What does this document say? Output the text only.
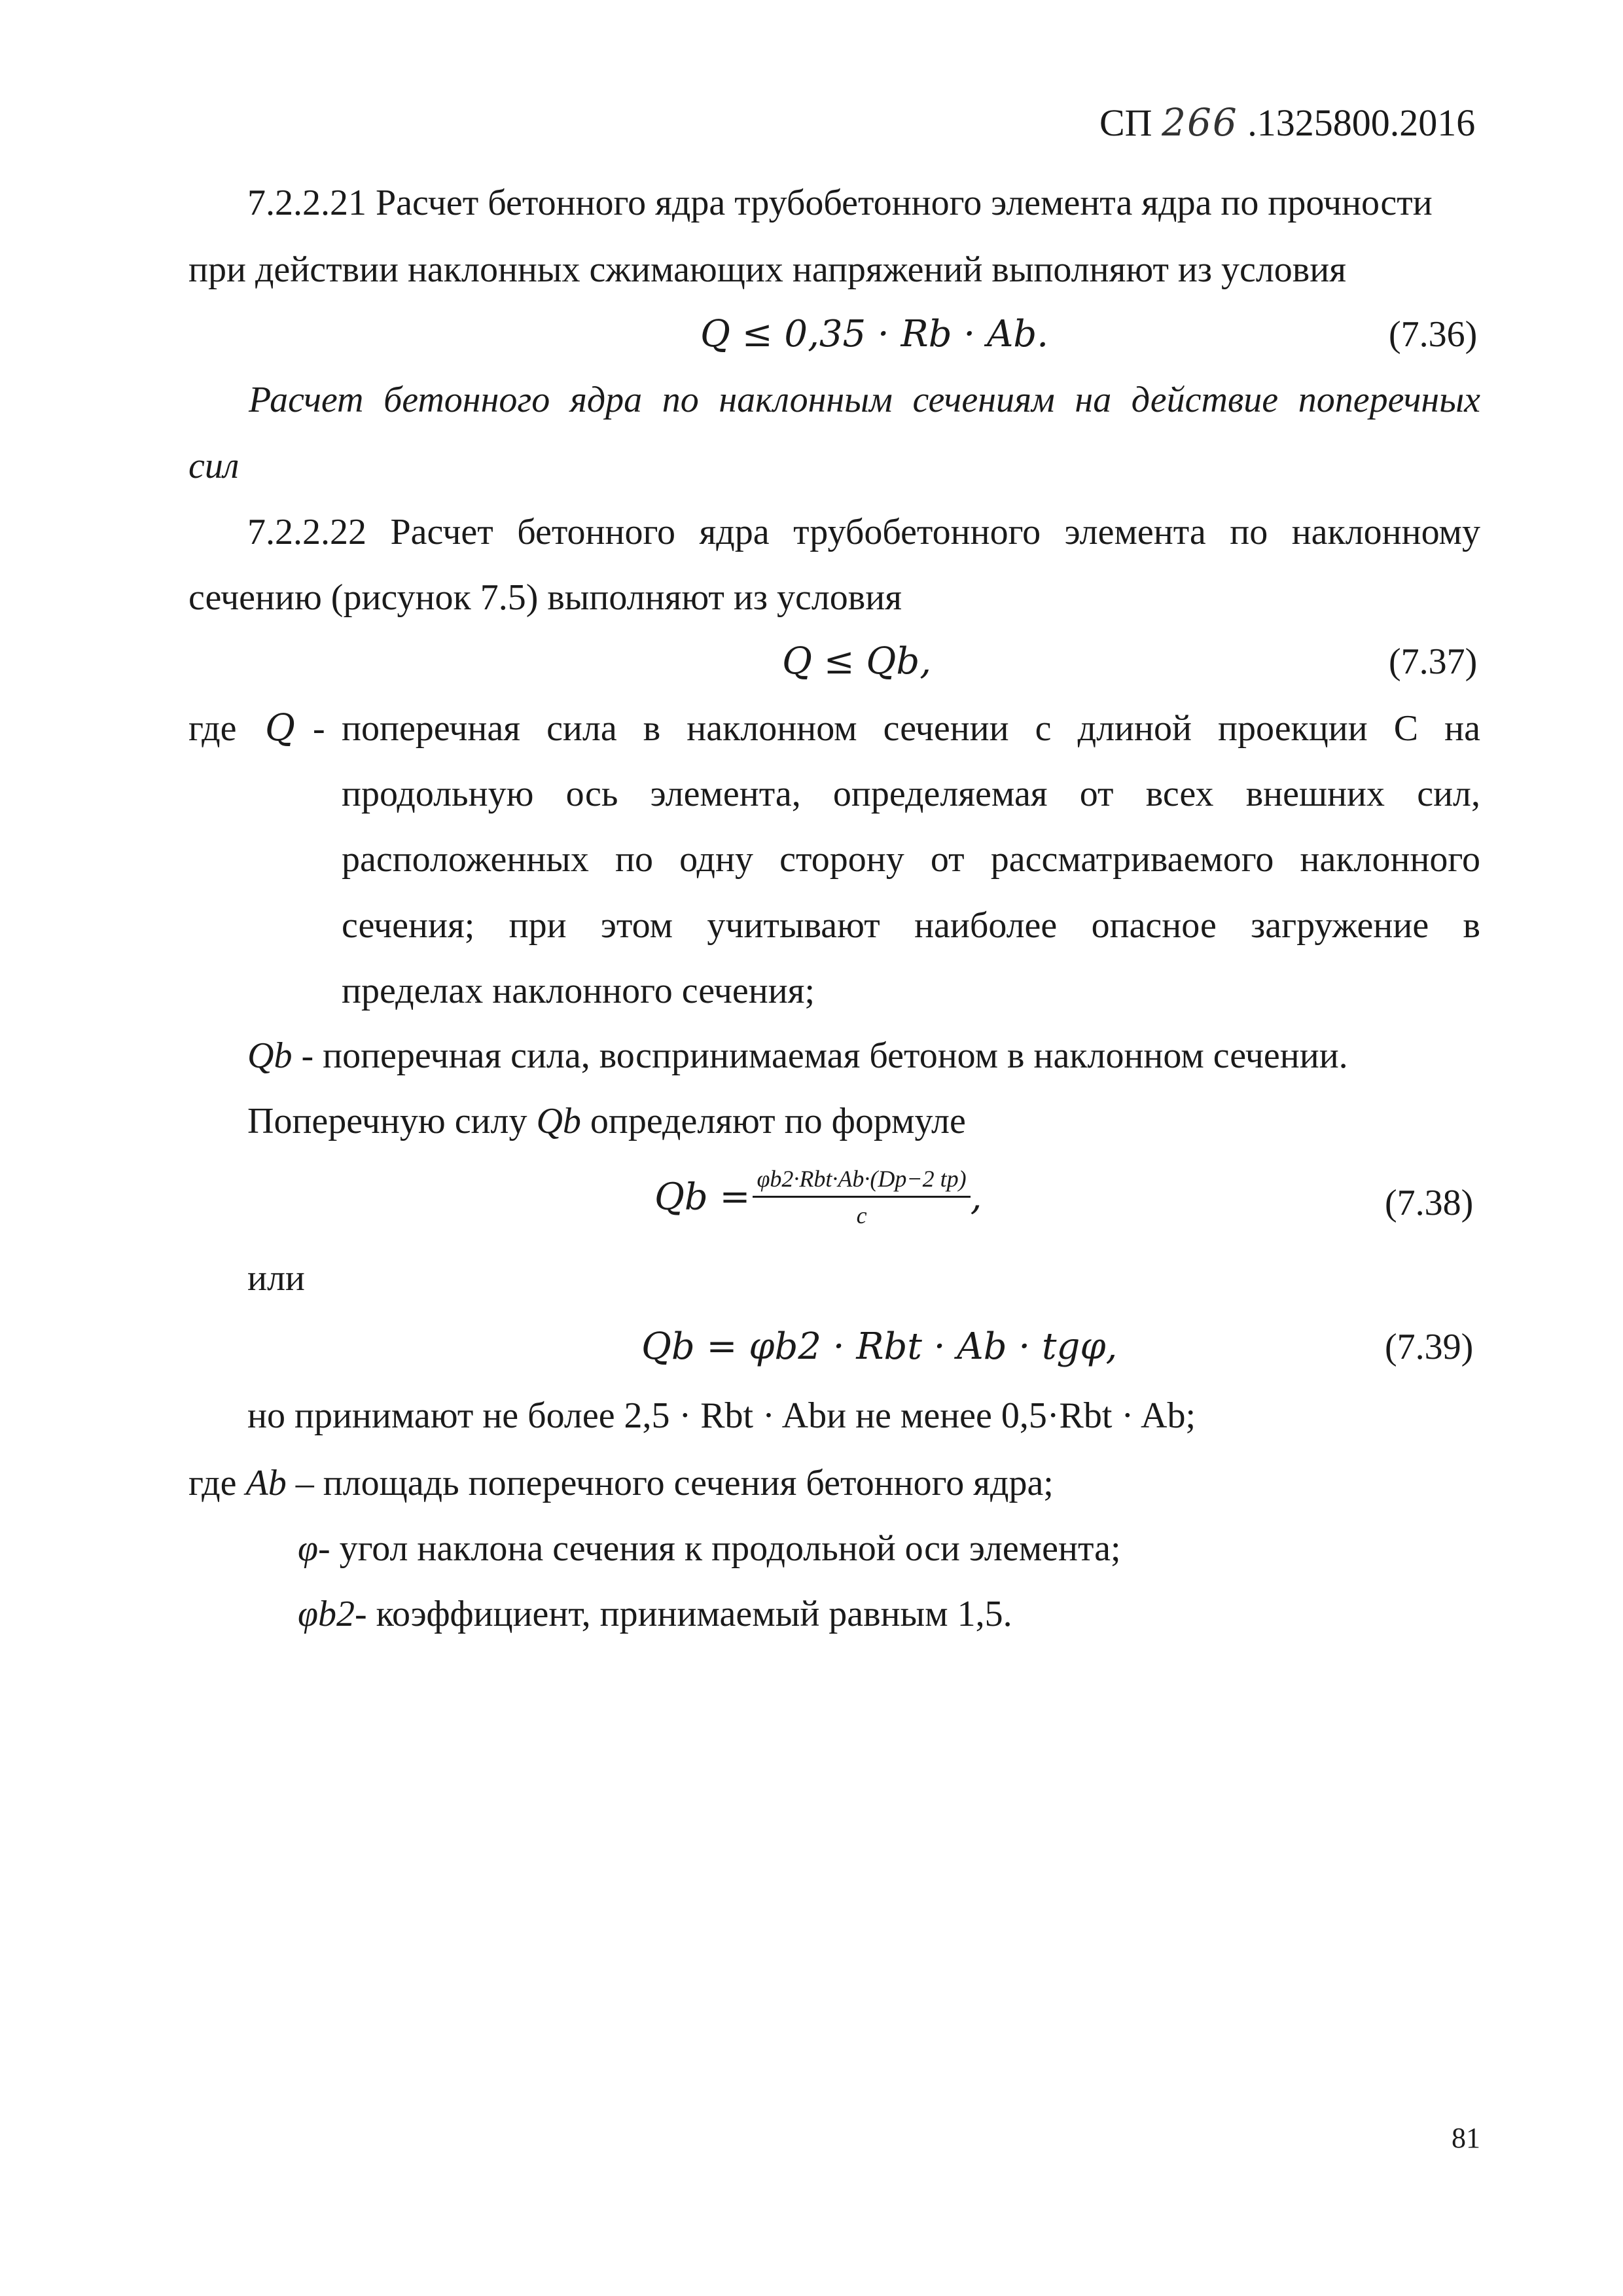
СП 266 .1325800.2016
7.2.2.21 Расчет бетонного ядра трубобетонного элемента ядра по прочности
при действии наклонных сжимающих напряжений выполняют из условия
Q ≤ 0,35 · Rb · Ab.	(7.36)
Расчет бетонного ядра по наклонным сечениям на действие поперечных
сил
7.2.2.22 Расчет бетонного ядра трубобетонного элемента по наклонному
сечению (рисунок 7.5) выполняют из условия
Q ≤ Qb,	(7.37)
где Q - поперечная сила в наклонном сечении с длиной проекции С на
продольную ось элемента, определяемая от всех внешних сил,
расположенных по одну сторону от рассматриваемого наклонного
сечения; при этом учитывают наиболее опасное загружение в
пределах наклонного сечения;
Qb - поперечная сила, воспринимаемая бетоном в наклонном сечении.
Поперечную силу Qb определяют по формуле
$Qb = \frac{\text{φb2·Rbt·Ab·(Dp−2 tp)}}{c}$ ,	(7.38)
или
Qb = φb2 · Rbt · Ab · tgφ,	(7.39)
но принимают не более 2,5 · Rbt · Abи не менее 0,5·Rbt · Ab;
где Ab – площадь поперечного сечения бетонного ядра;
φ- угол наклона сечения к продольной оси элемента;
φb2- коэффициент, принимаемый равным 1,5.
81
